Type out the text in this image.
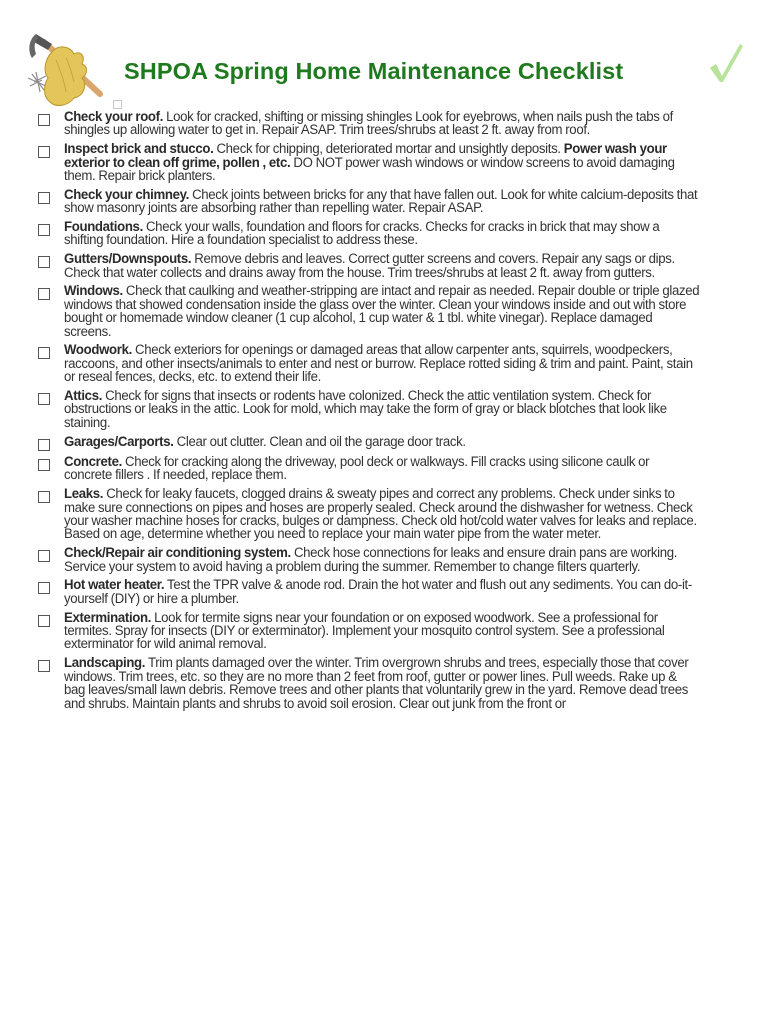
SHPOA Spring Home Maintenance Checklist
Check your roof. Look for cracked, shifting or missing shingles Look for eyebrows, when nails push the tabs of shingles up allowing water to get in. Repair ASAP. Trim trees/shrubs at least 2 ft. away from roof.
Inspect brick and stucco. Check for chipping, deteriorated mortar and unsightly deposits. Power wash your exterior to clean off grime, pollen , etc. DO NOT power wash windows or window screens to avoid damaging them. Repair brick planters.
Check your chimney. Check joints between bricks for any that have fallen out. Look for white calcium-deposits that show masonry joints are absorbing rather than repelling water. Repair ASAP.
Foundations. Check your walls, foundation and floors for cracks. Checks for cracks in brick that may show a shifting foundation. Hire a foundation specialist to address these.
Gutters/Downspouts. Remove debris and leaves. Correct gutter screens and covers. Repair any sags or dips. Check that water collects and drains away from the house. Trim trees/shrubs at least 2 ft. away from gutters.
Windows. Check that caulking and weather-stripping are intact and repair as needed. Repair double or triple glazed windows that showed condensation inside the glass over the winter. Clean your windows inside and out with store bought or homemade window cleaner (1 cup alcohol, 1 cup water & 1 tbl. white vinegar). Replace damaged screens.
Woodwork. Check exteriors for openings or damaged areas that allow carpenter ants, squirrels, woodpeckers, raccoons, and other insects/animals to enter and nest or burrow. Replace rotted siding & trim and paint. Paint, stain or reseal fences, decks, etc. to extend their life.
Attics. Check for signs that insects or rodents have colonized. Check the attic ventilation system. Check for obstructions or leaks in the attic. Look for mold, which may take the form of gray or black blotches that look like staining.
Garages/Carports. Clear out clutter. Clean and oil the garage door track.
Concrete. Check for cracking along the driveway, pool deck or walkways. Fill cracks using silicone caulk or concrete fillers . If needed, replace them.
Leaks. Check for leaky faucets, clogged drains & sweaty pipes and correct any problems. Check under sinks to make sure connections on pipes and hoses are properly sealed. Check around the dishwasher for wetness. Check your washer machine hoses for cracks, bulges or dampness. Check old hot/cold water valves for leaks and replace. Based on age, determine whether you need to replace your main water pipe from the water meter.
Check/Repair air conditioning system. Check hose connections for leaks and ensure drain pans are working. Service your system to avoid having a problem during the summer. Remember to change filters quarterly.
Hot water heater. Test the TPR valve & anode rod. Drain the hot water and flush out any sediments. You can do-it-yourself (DIY) or hire a plumber.
Extermination. Look for termite signs near your foundation or on exposed woodwork. See a professional for termites. Spray for insects (DIY or exterminator). Implement your mosquito control system. See a professional exterminator for wild animal removal.
Landscaping. Trim plants damaged over the winter. Trim overgrown shrubs and trees, especially those that cover windows. Trim trees, etc. so they are no more than 2 feet from roof, gutter or power lines. Pull weeds. Rake up & bag leaves/small lawn debris. Remove trees and other plants that voluntarily grew in the yard. Remove dead trees and shrubs. Maintain plants and shrubs to avoid soil erosion. Clear out junk from the front or
